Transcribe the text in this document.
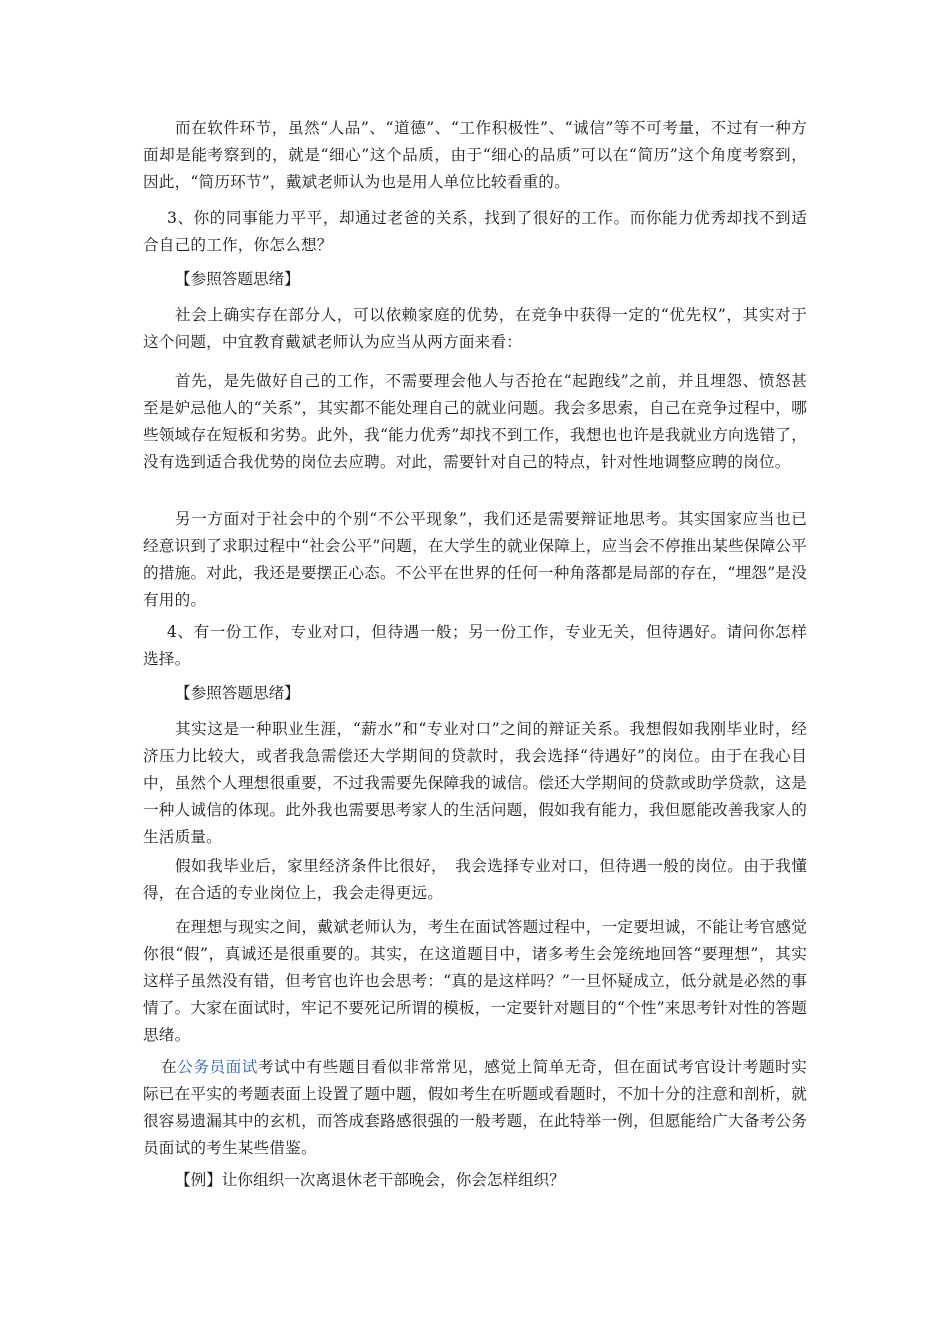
而在软件环节，虽然“人品”、“道德”、“工作积极性”、“诚信”等不可考量，不过有一种方面却是能考察到的，就是“细心”这个品质，由于“细心的品质”可以在“简历”这个角度考察到，因此，“简历环节”，戴斌老师认为也是用人单位比较看重的。

3、你的同事能力平平，却通过老爸的关系，找到了很好的工作。而你能力优秀却找不到适合自己的工作，你怎么想？

【参照答题思绪】

社会上确实存在部分人，可以依赖家庭的优势，在竞争中获得一定的“优先权”，其实对于这个问题，中宜教育戴斌老师认为应当从两方面来看：

首先，是先做好自己的工作，不需要理会他人与否抢在“起跑线”之前，并且埋怨、愤怒甚至是妒忌他人的“关系”，其实都不能处理自己的就业问题。我会多思索，自己在竞争过程中，哪些领域存在短板和劣势。此外，我“能力优秀”却找不到工作，我想也也许是我就业方向选错了，没有选到适合我优势的岗位去应聘。对此，需要针对自己的特点，针对性地调整应聘的岗位。

另一方面对于社会中的个别“不公平现象”，我们还是需要辩证地思考。其实国家应当也已经意识到了求职过程中“社会公平”问题，在大学生的就业保障上，应当会不停推出某些保障公平的措施。对此，我还是要摆正心态。不公平在世界的任何一种角落都是局部的存在，“埋怨”是没有用的。

4、有一份工作，专业对口，但待遇一般；另一份工作，专业无关，但待遇好。请问你怎样选择。

【参照答题思绪】

其实这是一种职业生涯，“薪水”和“专业对口”之间的辩证关系。我想假如我刚毕业时，经济压力比较大，或者我急需偿还大学期间的贷款时，我会选择“待遇好”的岗位。由于在我心目中，虽然个人理想很重要，不过我需要先保障我的诚信。偿还大学期间的贷款或助学贷款，这是一种人诚信的体现。此外我也需要思考家人的生活问题，假如我有能力，我但愿能改善我家人的生活质量。

假如我毕业后，家里经济条件比很好，　我会选择专业对口，但待遇一般的岗位。由于我懂得，在合适的专业岗位上，我会走得更远。

在理想与现实之间，戴斌老师认为，考生在面试答题过程中，一定要坦诚，不能让考官感觉你很“假”，真诚还是很重要的。其实，在这道题目中，诸多考生会笼统地回答“要理想”，其实这样子虽然没有错，但考官也许也会思考：“真的是这样吗？”一旦怀疑成立，低分就是必然的事情了。大家在面试时，牢记不要死记所谓的模板，一定要针对题目的“个性”来思考针对性的答题思绪。

在公务员面试考试中有些题目看似非常常见，感觉上简单无奇，但在面试考官设计考题时实际已在平实的考题表面上设置了题中题，假如考生在听题或看题时，不加十分的注意和剖析，就很容易遗漏其中的玄机，而答成套路感很强的一般考题，在此特举一例，但愿能给广大备考公务员面试的考生某些借鉴。

【例】让你组织一次离退休老干部晚会，你会怎样组织？
